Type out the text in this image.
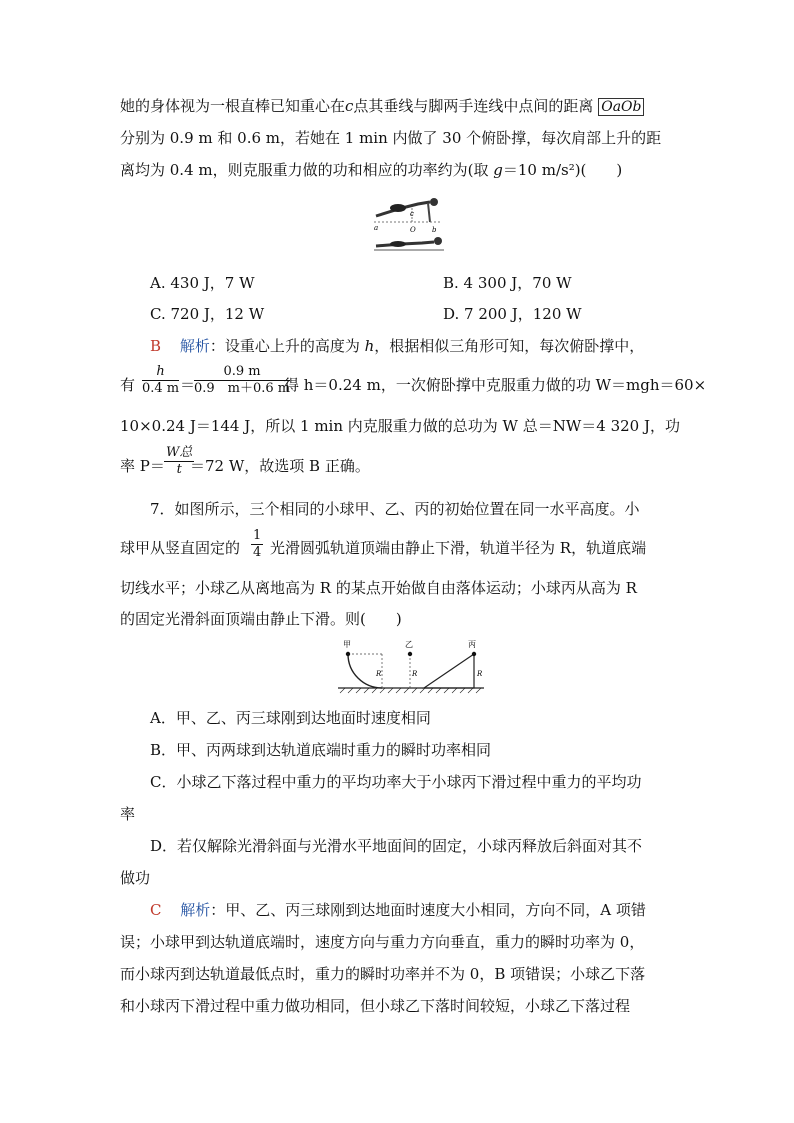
她的身体视为一根直棒已知重心在c点其垂线与脚两手连线中点间的距离 OaOb
分别为 0.9 m 和 0.6 m，若她在 1 min 内做了 30 个俯卧撑，每次肩部上升的距
离均为 0.4 m，则克服重力做的功和相应的功率约为(取 g＝10 m/s²)(　　)
c
a	O b
A. 430 J，7 W	B. 4 300 J，70 W
C. 720 J，12 W	D. 7 200 J，120 W
B 解析：设重心上升的高度为 h，根据相似三角形可知，每次俯卧撑中，
有 $\frac{h}{0.4 m}$ ＝
$\frac{0.9 m}{0.9 m+0.6 m}$
得 h＝0.24 m，一次俯卧撑中克服重力做的功 W＝mgh＝60×
10×0.24 J＝144 J，所以 1 min 内克服重力做的总功为 W 总＝NW＝4 320 J，功
率 P＝
W总
t ＝72 W，故选项 B 正确。
7．如图所示，三个相同的小球甲、乙、丙的初始位置在同一水平高度。小
球甲从竖直固定的 $\frac{1}{4}$ 光滑圆弧轨道顶端由静止下滑，轨道半径为 R，轨道底端
切线水平；小球乙从离地高为 R 的某点开始做自由落体运动；小球丙从高为 R
的固定光滑斜面顶端由静止下滑。则(　　)
甲
R
乙
R
丙
R
A．甲、乙、丙三球刚到达地面时速度相同
B．甲、丙两球到达轨道底端时重力的瞬时功率相同
C．小球乙下落过程中重力的平均功率大于小球丙下滑过程中重力的平均功
率
D．若仅解除光滑斜面与光滑水平地面间的固定，小球丙释放后斜面对其不
做功
C 解析：甲、乙、丙三球刚到达地面时速度大小相同，方向不同，A 项错
误；小球甲到达轨道底端时，速度方向与重力方向垂直，重力的瞬时功率为 0，
而小球丙到达轨道最低点时，重力的瞬时功率并不为 0，B 项错误；小球乙下落
和小球丙下滑过程中重力做功相同，但小球乙下落时间较短，小球乙下落过程
